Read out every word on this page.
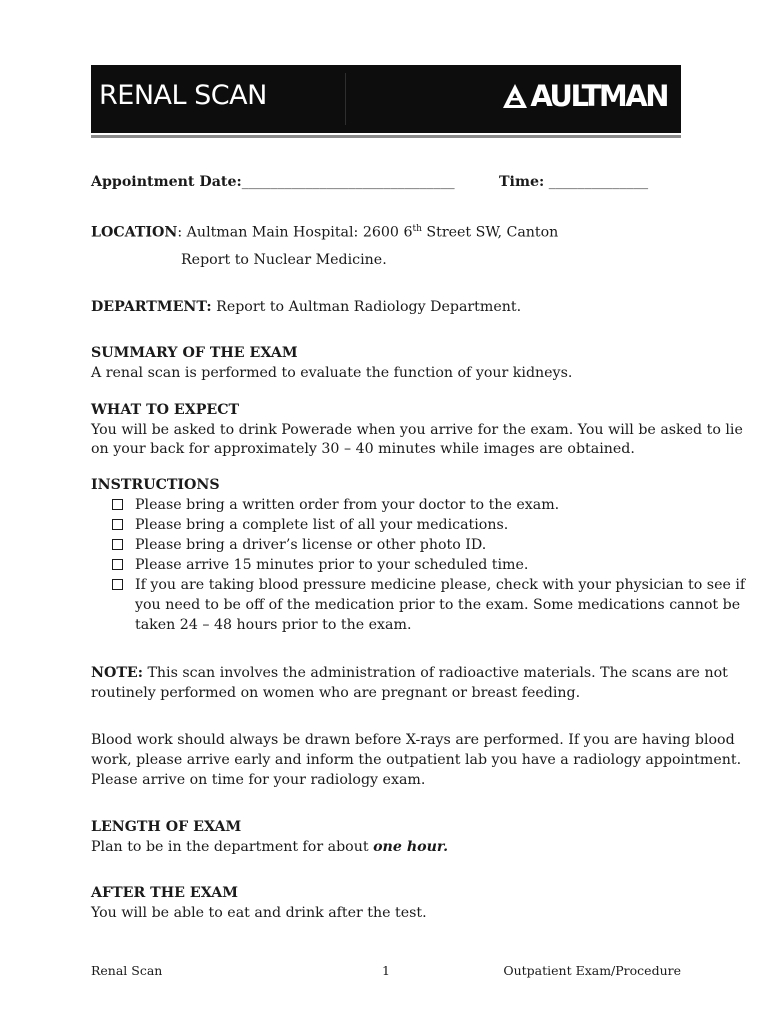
RENAL SCAN	AULTMAN
Appointment Date:______________________________	Time: ______________
LOCATION: Aultman Main Hospital: 2600 6th Street SW, Canton
Report to Nuclear Medicine.
DEPARTMENT: Report to Aultman Radiology Department.
SUMMARY OF THE EXAM
A renal scan is performed to evaluate the function of your kidneys.
WHAT TO EXPECT
You will be asked to drink Powerade when you arrive for the exam. You will be asked to lie
on your back for approximately 30 – 40 minutes while images are obtained.
INSTRUCTIONS
Please bring a written order from your doctor to the exam.
Please bring a complete list of all your medications.
Please bring a driver’s license or other photo ID.
Please arrive 15 minutes prior to your scheduled time.
If you are taking blood pressure medicine please, check with your physician to see if
you need to be off of the medication prior to the exam. Some medications cannot be
taken 24 – 48 hours prior to the exam.
NOTE: This scan involves the administration of radioactive materials. The scans are not
routinely performed on women who are pregnant or breast feeding.
Blood work should always be drawn before X-rays are performed. If you are having blood
work, please arrive early and inform the outpatient lab you have a radiology appointment.
Please arrive on time for your radiology exam.
LENGTH OF EXAM
Plan to be in the department for about one hour.
AFTER THE EXAM
You will be able to eat and drink after the test.
Renal Scan	1	Outpatient Exam/Procedure
